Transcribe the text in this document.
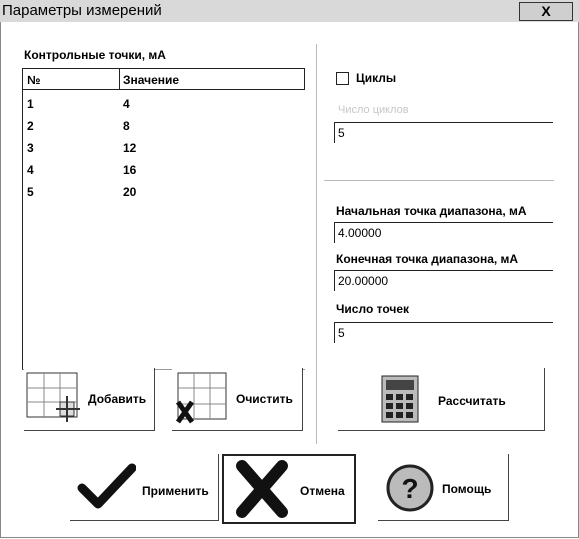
Параметры измерений	X
Контрольные точки, мА
№	Значение
1	4
2	8
3	12
4	16
5	20
Циклы
Число циклов
5
Начальная точка диапазона, мА
4.00000
Конечная точка диапазона, мА
20.00000
Число точек
5
Добавить	Очистить	Рассчитать
Применить	Отмена ? Помощь
